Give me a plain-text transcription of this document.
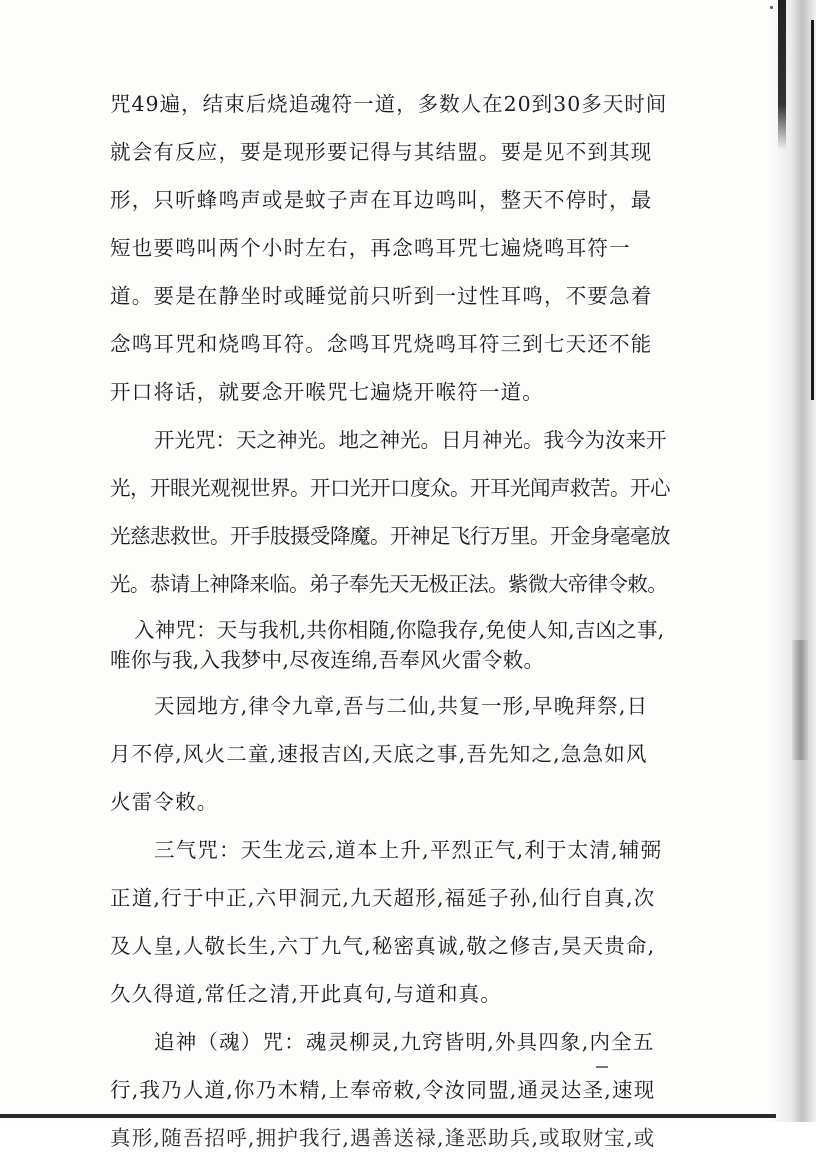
咒49遍，结束后烧追魂符一道，多数人在20到30多天时间
就会有反应，要是现形要记得与其结盟。要是见不到其现
形，只听蜂鸣声或是蚊子声在耳边鸣叫，整天不停时，最
短也要鸣叫两个小时左右，再念鸣耳咒七遍烧鸣耳符一
道。要是在静坐时或睡觉前只听到一过性耳鸣，不要急着
念鸣耳咒和烧鸣耳符。念鸣耳咒烧鸣耳符三到七天还不能
开口将话，就要念开喉咒七遍烧开喉符一道。
开光咒：天之神光。地之神光。日月神光。我今为汝来开
光，开眼光观视世界。开口光开口度众。开耳光闻声救苦。开心
光慈悲救世。开手肢摄受降魔。开神足飞行万里。开金身毫毫放
光。恭请上神降来临。弟子奉先天无极正法。紫微大帝律令敕。
入神咒：天与我机,共你相随,你隐我存,免使人知,吉凶之事,
唯你与我,入我梦中,尽夜连绵,吾奉风火雷令敕。
天园地方,律令九章,吾与二仙,共复一形,早晚拜祭,日
月不停,风火二童,速报吉凶,天底之事,吾先知之,急急如风
火雷令敕。
三气咒：天生龙云,道本上升,平烈正气,利于太清,辅弼
正道,行于中正,六甲洞元,九天超形,福延子孙,仙行自真,次
及人皇,人敬长生,六丁九气,秘密真诚,敬之修吉,昊天贵命,
久久得道,常任之清,开此真句,与道和真。
追神（魂）咒：魂灵柳灵,九窍皆明,外具四象,内全五
行,我乃人道,你乃木精,上奉帝敕,令汝同盟,通灵达圣,速现
真形,随吾招呼,拥护我行,遇善送禄,逢恶助兵,或取财宝,或
